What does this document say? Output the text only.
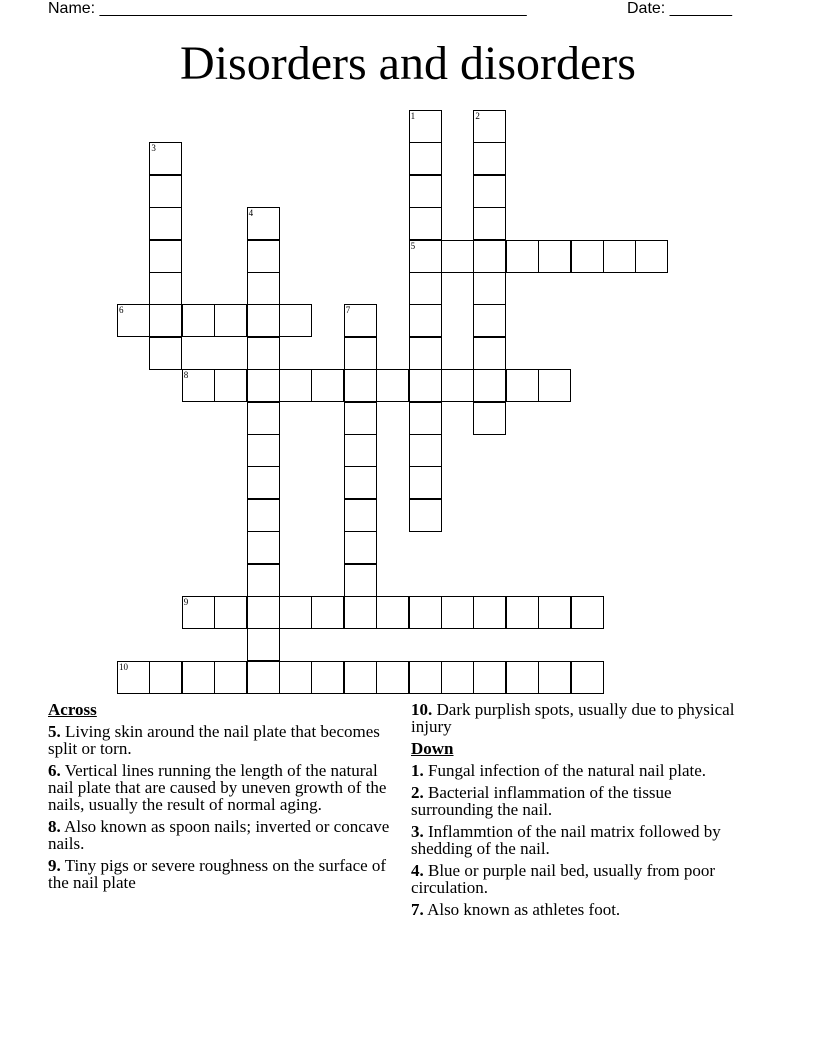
Name: ________________________________________________	Date: _______
Disorders and disorders
1
5
2
3
4
6	7
8
9
10
Across
5. Living skin around the nail plate that becomes split or torn.
6. Vertical lines running the length of the natural nail plate that are caused by uneven growth of the nails, usually the result of normal aging.
8. Also known as spoon nails; inverted or concave nails.
9. Tiny pigs or severe roughness on the surface of the nail plate
10. Dark purplish spots, usually due to physical injury
Down
1. Fungal infection of the natural nail plate.
2. Bacterial inflammation of the tissue surrounding the nail.
3. Inflammtion of the nail matrix followed by shedding of the nail.
4. Blue or purple nail bed, usually from poor circulation.
7. Also known as athletes foot.
